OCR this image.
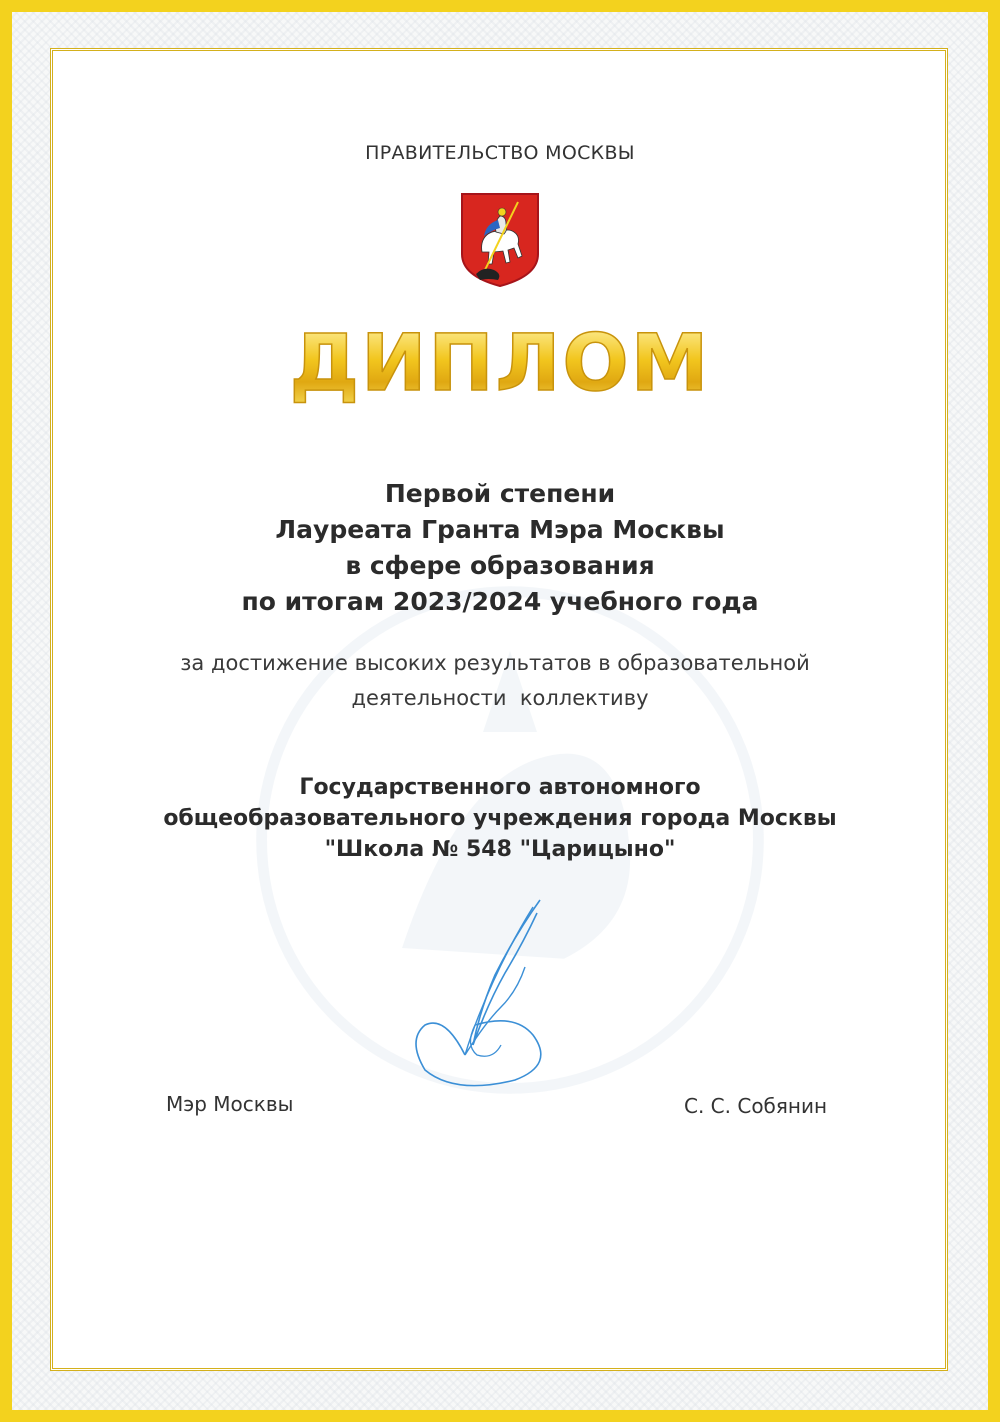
ПРАВИТЕЛЬСТВО МОСКВЫ
ДИПЛОМ
Первой степени
Лауреата Гранта Мэра Москвы
в сфере образования
по итогам 2023/2024 учебного года
за достижение высоких результатов в образовательной
деятельности  коллективу
Государственного автономного
общеобразовательного учреждения города Москвы
"Школа № 548 "Царицыно"
Мэр Москвы	С. С. Собянин
